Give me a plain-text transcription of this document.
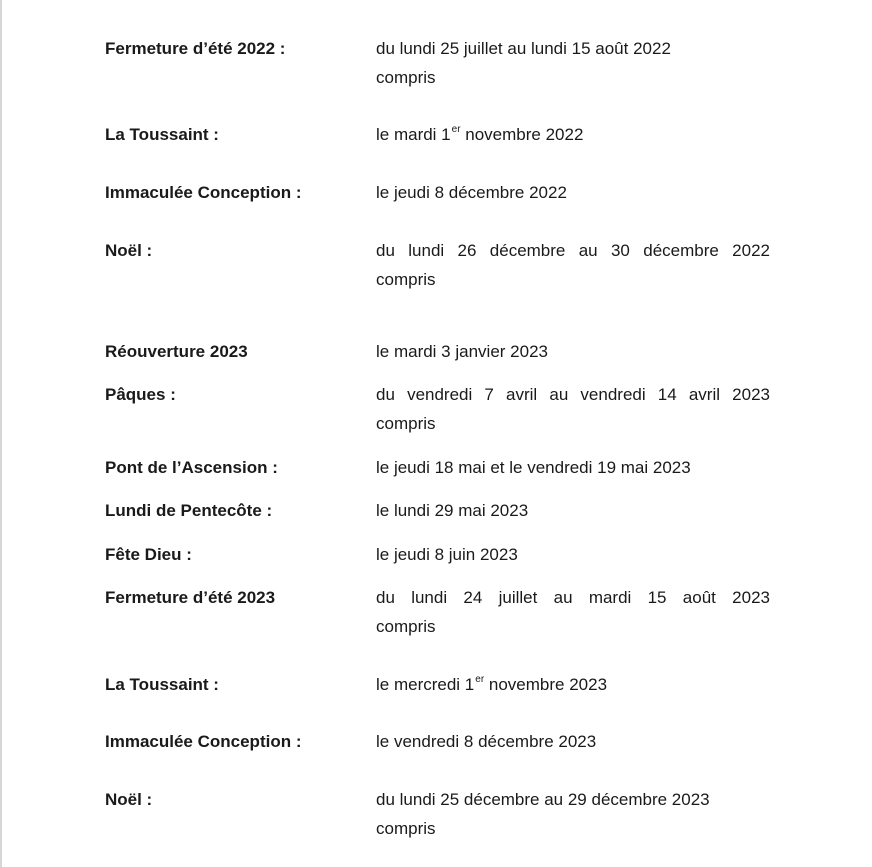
Fermeture d’été 2022 :	du lundi 25 juillet au lundi 15 août 2022
compris
La Toussaint :	le mardi 1er novembre 2022
Immaculée Conception :	le jeudi 8 décembre 2022
Noël :	du lundi 26 décembre au 30 décembre 2022
compris
Réouverture 2023	le mardi 3 janvier 2023
Pâques :	du vendredi 7 avril au vendredi 14 avril 2023
compris
Pont de l’Ascension :	le jeudi 18 mai et le vendredi 19 mai 2023
Lundi de Pentecôte :	le lundi 29 mai 2023
Fête Dieu :	le jeudi 8 juin 2023
Fermeture d’été 2023	du lundi 24 juillet au mardi 15 août 2023
compris
La Toussaint :	le mercredi 1er novembre 2023
Immaculée Conception :	le vendredi 8 décembre 2023
Noël :	du lundi 25 décembre au 29 décembre 2023
compris
